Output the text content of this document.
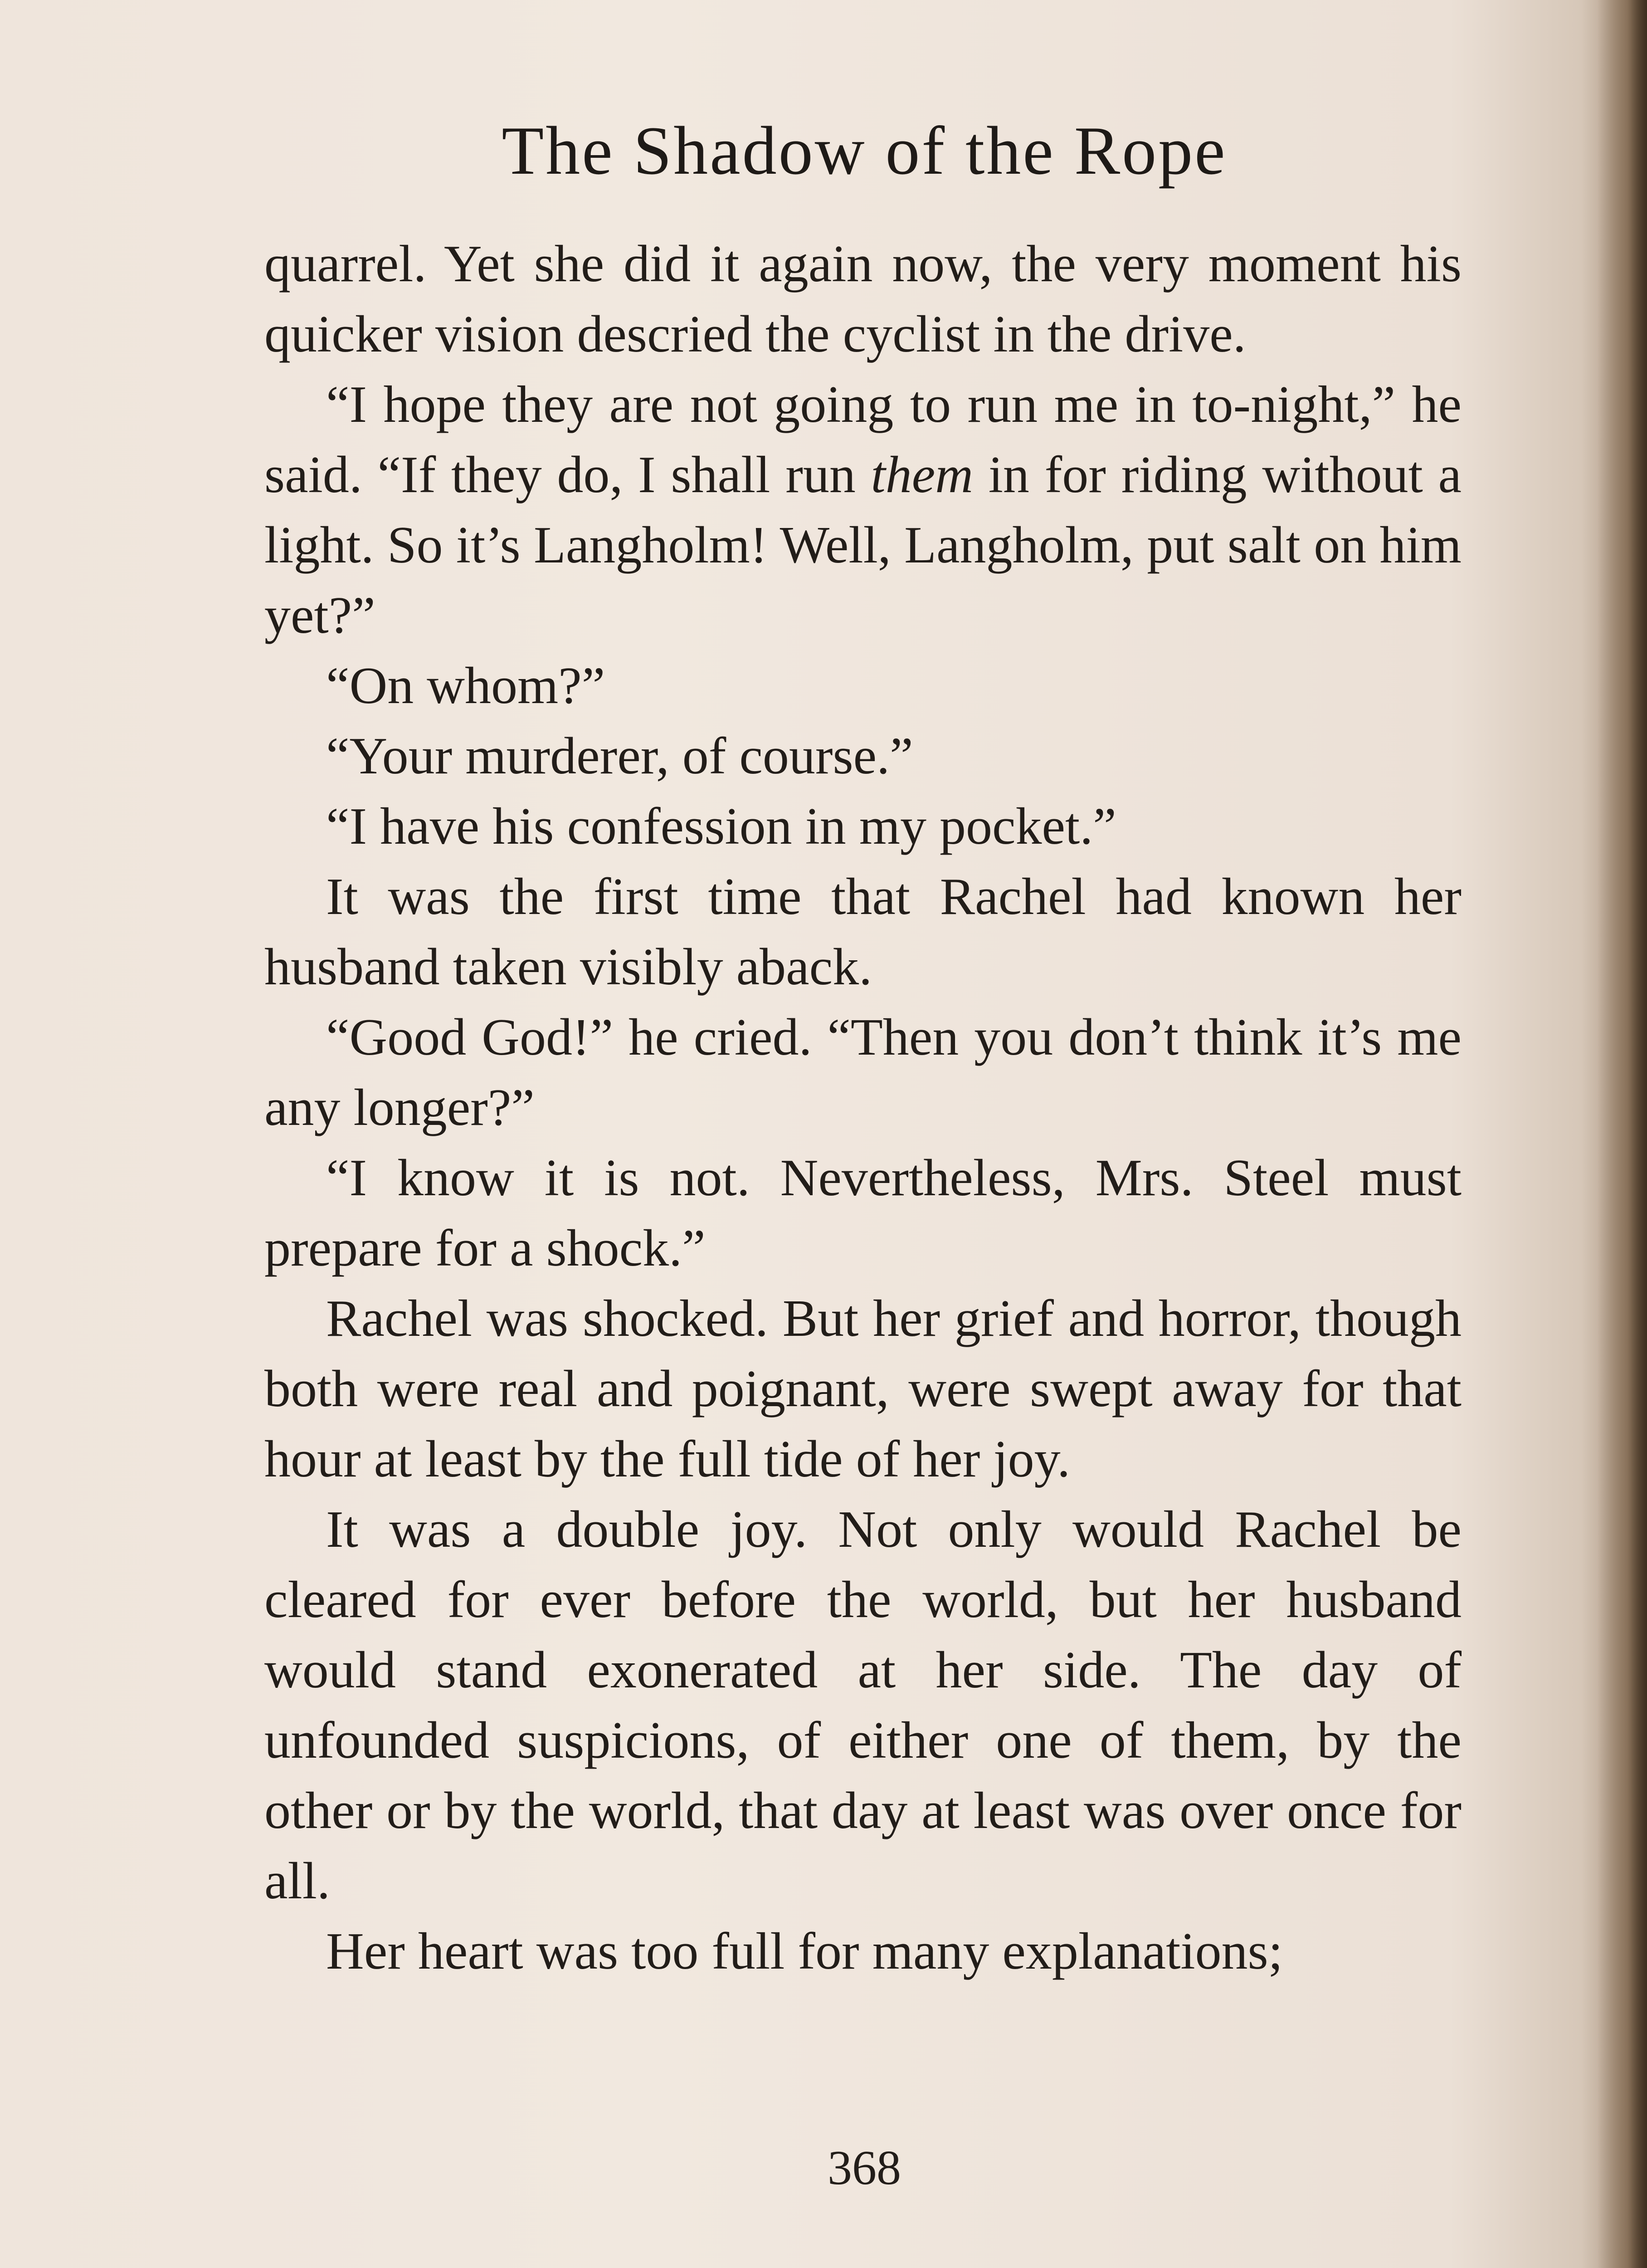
The Shadow of the Rope

quarrel. Yet she did it again now, the very moment his quicker vision descried the cyclist in the drive.

“I hope they are not going to run me in to-night,” he said. “If they do, I shall run them in for riding without a light. So it’s Langholm! Well, Langholm, put salt on him yet?”

“On whom?”

“Your murderer, of course.”

“I have his confession in my pocket.”

It was the first time that Rachel had known her husband taken visibly aback.

“Good God!” he cried. “Then you don’t think it’s me any longer?”

“I know it is not. Nevertheless, Mrs. Steel must prepare for a shock.”

Rachel was shocked. But her grief and horror, though both were real and poignant, were swept away for that hour at least by the full tide of her joy.

It was a double joy. Not only would Rachel be cleared for ever before the world, but her husband would stand exonerated at her side. The day of unfounded suspicions, of either one of them, by the other or by the world, that day at least was over once for all.

Her heart was too full for many explanations;

368
